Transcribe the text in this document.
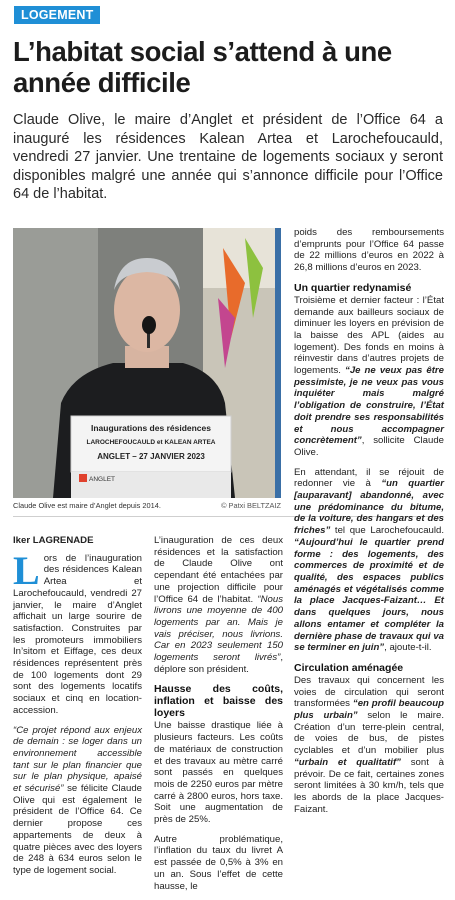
LOGEMENT
L’habitat social s’attend à une année difficile

Claude Olive, le maire d’Anglet et président de l’Office 64 a inauguré les résidences Kalean Artea et Larochefoucauld, vendredi 27 janvier. Une trentaine de logements sociaux y seront disponibles malgré une année qui s’annonce difficile pour l’Office 64 de l’habitat.

ANGLET
Inaugurations des résidences
LAROCHEFOUCAULD et KALEAN ARTEA
ANGLET – 27 JANVIER 2023
Claude Olive est maire d’Anglet depuis 2014.	© Patxi BELTZAIZ
Iker LAGRENADE

L ors de l’inauguration des résidences Kalean Artea et Larochefoucauld, vendredi 27 janvier, le maire d’Anglet affichait un large sourire de satisfaction. Construites par les promoteurs immobiliers In’sitom et Eiffage, ces deux résidences représentent près de 100 logements dont 29 sont des logements locatifs sociaux et cinq en location-accession.

“Ce projet répond aux enjeux de demain : se loger dans un environnement accessible tant sur le plan financier que sur le plan physique, apaisé et sécurisé” se félicite Claude Olive qui est également le président de l’Office 64. Ce dernier propose ces appartements de deux à quatre pièces avec des loyers de 248 à 634 euros selon le type de logement social.

L’inauguration de ces deux résidences et la satisfaction de Claude Olive ont cependant été entachées par une projection difficile pour l’Office 64 de l’habitat. “Nous livrons une moyenne de 400 logements par an. Mais je vais préciser, nous livrions. Car en 2023 seulement 150 logements seront livrés”, déplore son président.

Hausse des coûts, inflation et baisse des loyers

Une baisse drastique liée à plusieurs facteurs. Les coûts de matériaux de construction et des travaux au mètre carré sont passés en quelques mois de 2250 euros par mètre carré à 2800 euros, hors taxe. Soit une augmentation de près de 25%.

Autre problématique, l’inflation du taux du livret A est passée de 0,5% à 3% en un an. Sous l’effet de cette hausse, le

poids des remboursements d’emprunts pour l’Office 64 passe de 22 millions d’euros en 2022 à 26,8 millions d’euros en 2023.

Un quartier redynamisé

Troisième et dernier facteur : l’État demande aux bailleurs sociaux de diminuer les loyers en prévision de la baisse des APL (aides au logement). Des fonds en moins à réinvestir dans d’autres projets de logements. “Je ne veux pas être pessimiste, je ne veux pas vous inquiéter mais malgré l’obligation de construire, l’État doit prendre ses responsabilités et nous accompagner concrètement”, sollicite Claude Olive.

En attendant, il se réjouit de redonner vie à “un quartier [auparavant] abandonné, avec une prédominance du bitume, de la voiture, des hangars et des friches” tel que Larochefoucauld. “Aujourd’hui le quartier prend forme : des logements, des commerces de proximité et de qualité, des espaces publics aménagés et végétalisés comme la place Jacques-Faizant… Et dans quelques jours, nous allons entamer et compléter la dernière phase de travaux qui va se terminer en juin”, ajoute-t-il.

Circulation aménagée

Des travaux qui concernent les voies de circulation qui seront transformées “en profil beaucoup plus urbain” selon le maire. Création d’un terre-plein central, de voies de bus, de pistes cyclables et d’un mobilier plus “urbain et qualitatif” sont à prévoir. De ce fait, certaines zones seront limitées à 30 km/h, tels que les abords de la place Jacques-Faizant.
